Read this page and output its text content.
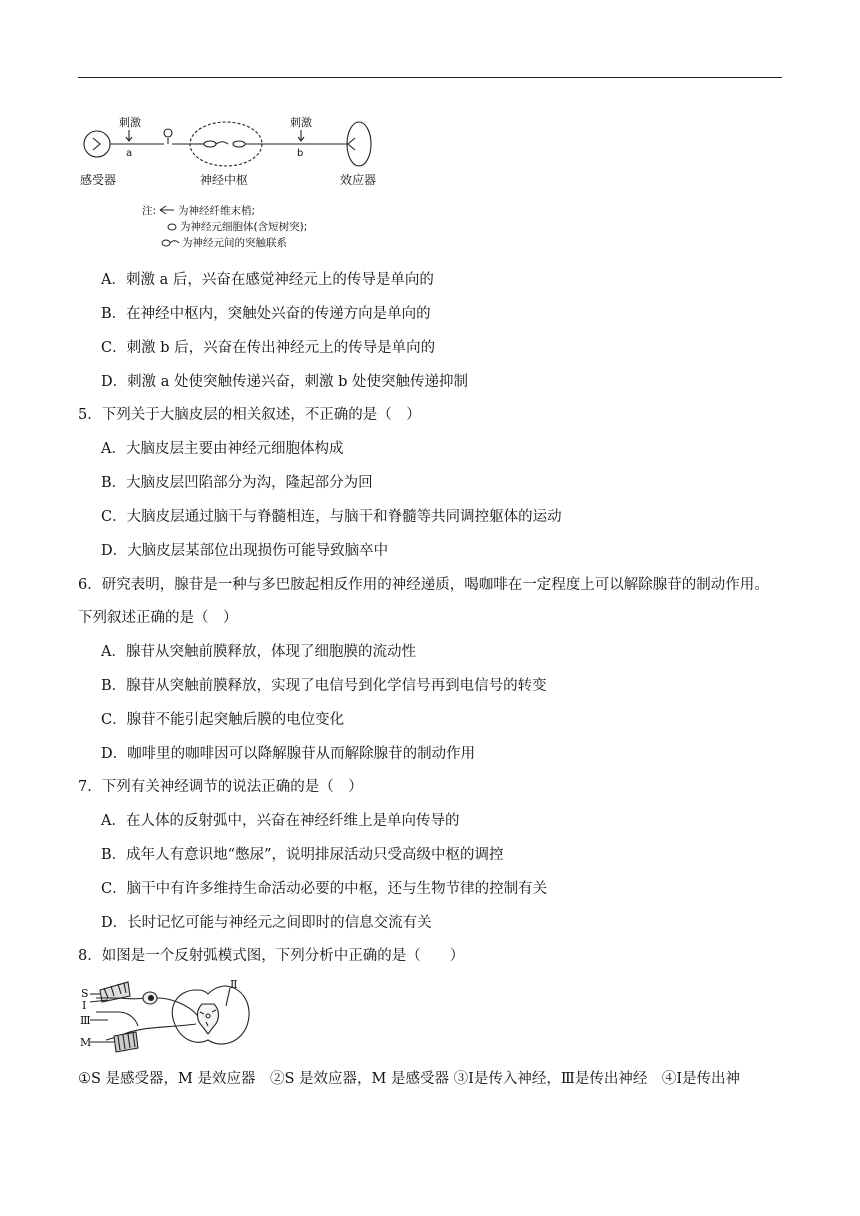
刺激
a
刺激
b
感受器	神经中枢	效应器
注: 为神经纤维末梢;
为神经元细胞体(含短树突);
为神经元间的突触联系
A．刺激 a 后，兴奋在感觉神经元上的传导是单向的
B．在神经中枢内，突触处兴奋的传递方向是单向的
C．刺激 b 后，兴奋在传出神经元上的传导是单向的
D．刺激 a 处使突触传递兴奋，刺激 b 处使突触传递抑制
5．下列关于大脑皮层的相关叙述，不正确的是（　）
A．大脑皮层主要由神经元细胞体构成
B．大脑皮层凹陷部分为沟，隆起部分为回
C．大脑皮层通过脑干与脊髓相连，与脑干和脊髓等共同调控躯体的运动
D．大脑皮层某部位出现损伤可能导致脑卒中
6．研究表明，腺苷是一种与多巴胺起相反作用的神经递质，喝咖啡在一定程度上可以解除腺苷的制动作用。
下列叙述正确的是（　）
A．腺苷从突触前膜释放，体现了细胞膜的流动性
B．腺苷从突触前膜释放，实现了电信号到化学信号再到电信号的转变
C．腺苷不能引起突触后膜的电位变化
D．咖啡里的咖啡因可以降解腺苷从而解除腺苷的制动作用
7．下列有关神经调节的说法正确的是（　）
A．在人体的反射弧中，兴奋在神经纤维上是单向传导的
B．成年人有意识地“憋尿”，说明排尿活动只受高级中枢的调控
C．脑干中有许多维持生命活动必要的中枢，还与生物节律的控制有关
D．长时记忆可能与神经元之间即时的信息交流有关
8．如图是一个反射弧模式图，下列分析中正确的是（　　）
S
Ⅰ
Ⅲ
M
Ⅱ
①S 是感受器，M 是效应器　②S 是效应器，M 是感受器 ③Ⅰ是传入神经，Ⅲ是传出神经　④Ⅰ是传出神
